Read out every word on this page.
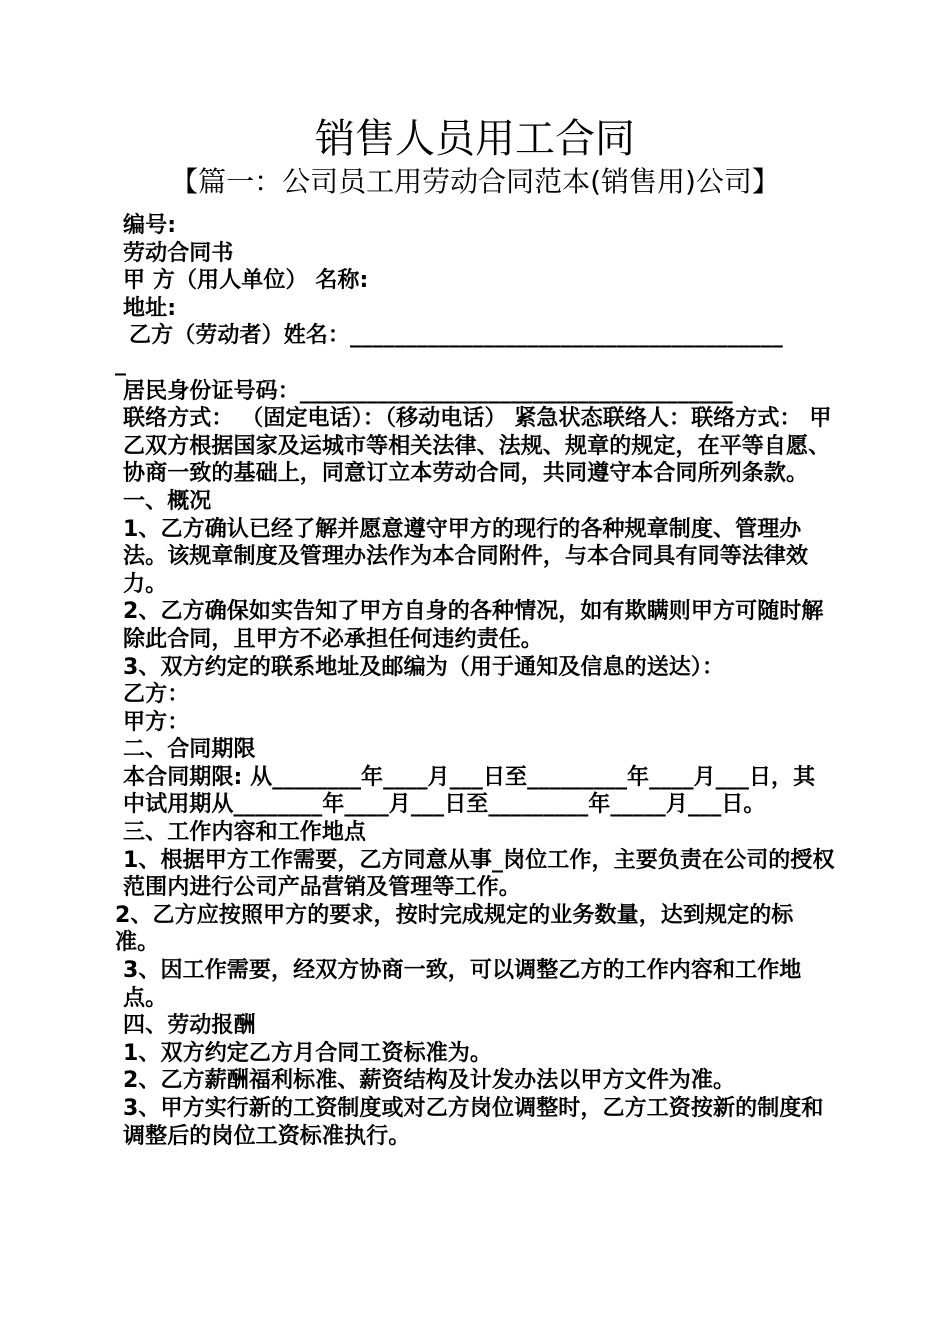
销售人员用工合同
【篇一：公司员工用劳动合同范本(销售用)公司】

编号:

劳动合同书

甲 方（用人单位） 名称:

地址:

乙方（劳动者）姓名：_______________________________________

_

居民身份证号码：_______________________________________

联络方式： （固定电话）：（移动电话） 紧急状态联络人：联络方式： 甲乙双方根据国家及运城市等相关法律、法规、规章的规定，在平等自愿、协商一致的基础上，同意订立本劳动合同，共同遵守本合同所列条款。

一、概况

1、乙方确认已经了解并愿意遵守甲方的现行的各种规章制度、管理办法。该规章制度及管理办法作为本合同附件，与本合同具有同等法律效力。

2、乙方确保如实告知了甲方自身的各种情况，如有欺瞒则甲方可随时解除此合同，且甲方不必承担任何违约责任。

3、双方约定的联系地址及邮编为（用于通知及信息的送达）：

乙方：

甲方：

二、合同期限

本合同期限: 从________年____月___日至_________年____月___日，其中试用期从________年____月___日至_________年_____月___日。

三、工作内容和工作地点

1、根据甲方工作需要，乙方同意从事_岗位工作，主要负责在公司的授权范围内进行公司产品营销及管理等工作。

2、乙方应按照甲方的要求，按时完成规定的业务数量，达到规定的标准。

3、因工作需要，经双方协商一致，可以调整乙方的工作内容和工作地点。

四、劳动报酬

1、双方约定乙方月合同工资标准为。

2、乙方薪酬福利标准、薪资结构及计发办法以甲方文件为准。

3、甲方实行新的工资制度或对乙方岗位调整时，乙方工资按新的制度和调整后的岗位工资标准执行。
